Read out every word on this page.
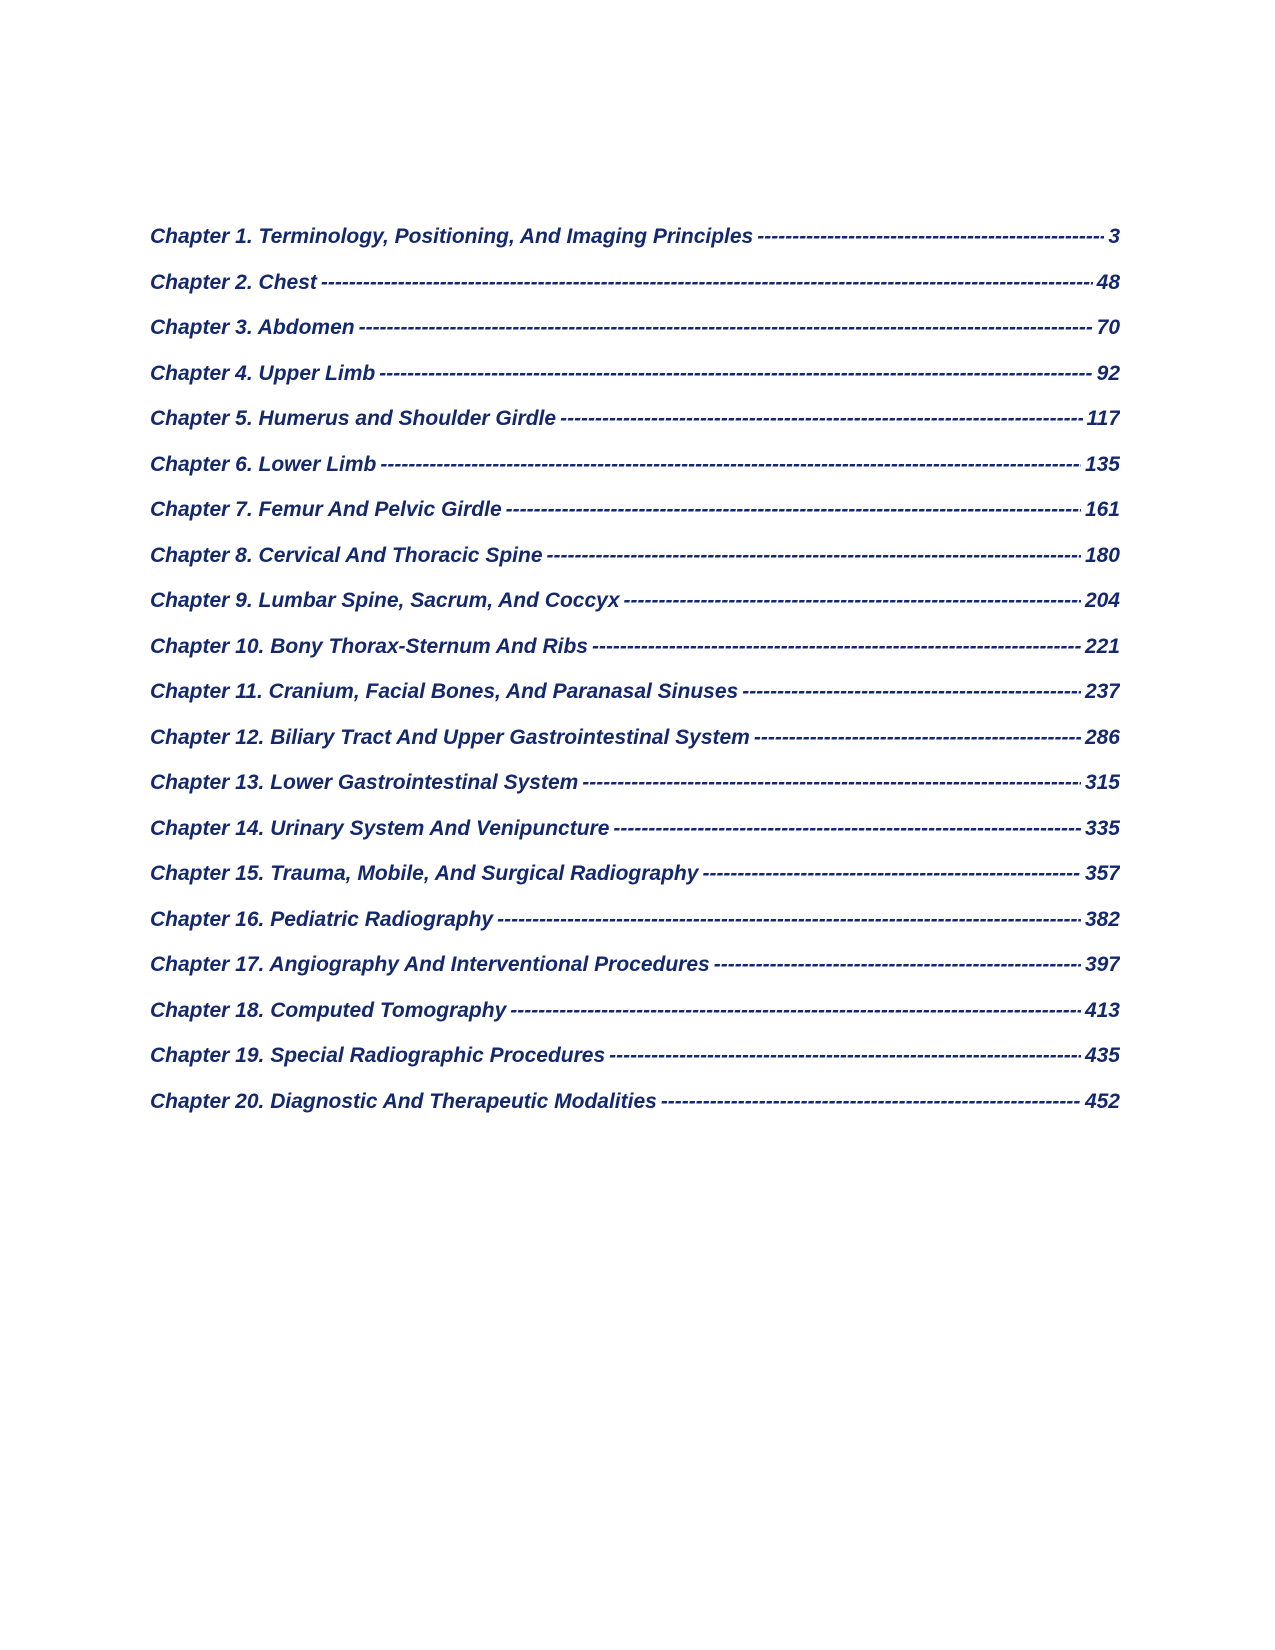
Chapter 1. Terminology, Positioning, And Imaging Principles -----	3
Chapter 2. Chest -----	48
Chapter 3. Abdomen -----	70
Chapter 4. Upper Limb -----	92
Chapter 5. Humerus and Shoulder Girdle -----	117
Chapter 6. Lower Limb -----	135
Chapter 7. Femur And Pelvic Girdle -----	161
Chapter 8. Cervical And Thoracic Spine -----	180
Chapter 9. Lumbar Spine, Sacrum, And Coccyx -----	204
Chapter 10. Bony Thorax-Sternum And Ribs -----	221
Chapter 11. Cranium, Facial Bones, And Paranasal Sinuses -----	237
Chapter 12. Biliary Tract And Upper Gastrointestinal System -----	286
Chapter 13. Lower Gastrointestinal System -----	315
Chapter 14. Urinary System And Venipuncture -----	335
Chapter 15. Trauma, Mobile, And Surgical Radiography -----	357
Chapter 16. Pediatric Radiography -----	382
Chapter 17. Angiography And Interventional Procedures -----	397
Chapter 18. Computed Tomography -----	413
Chapter 19. Special Radiographic Procedures -----	435
Chapter 20. Diagnostic And Therapeutic Modalities -----	452
